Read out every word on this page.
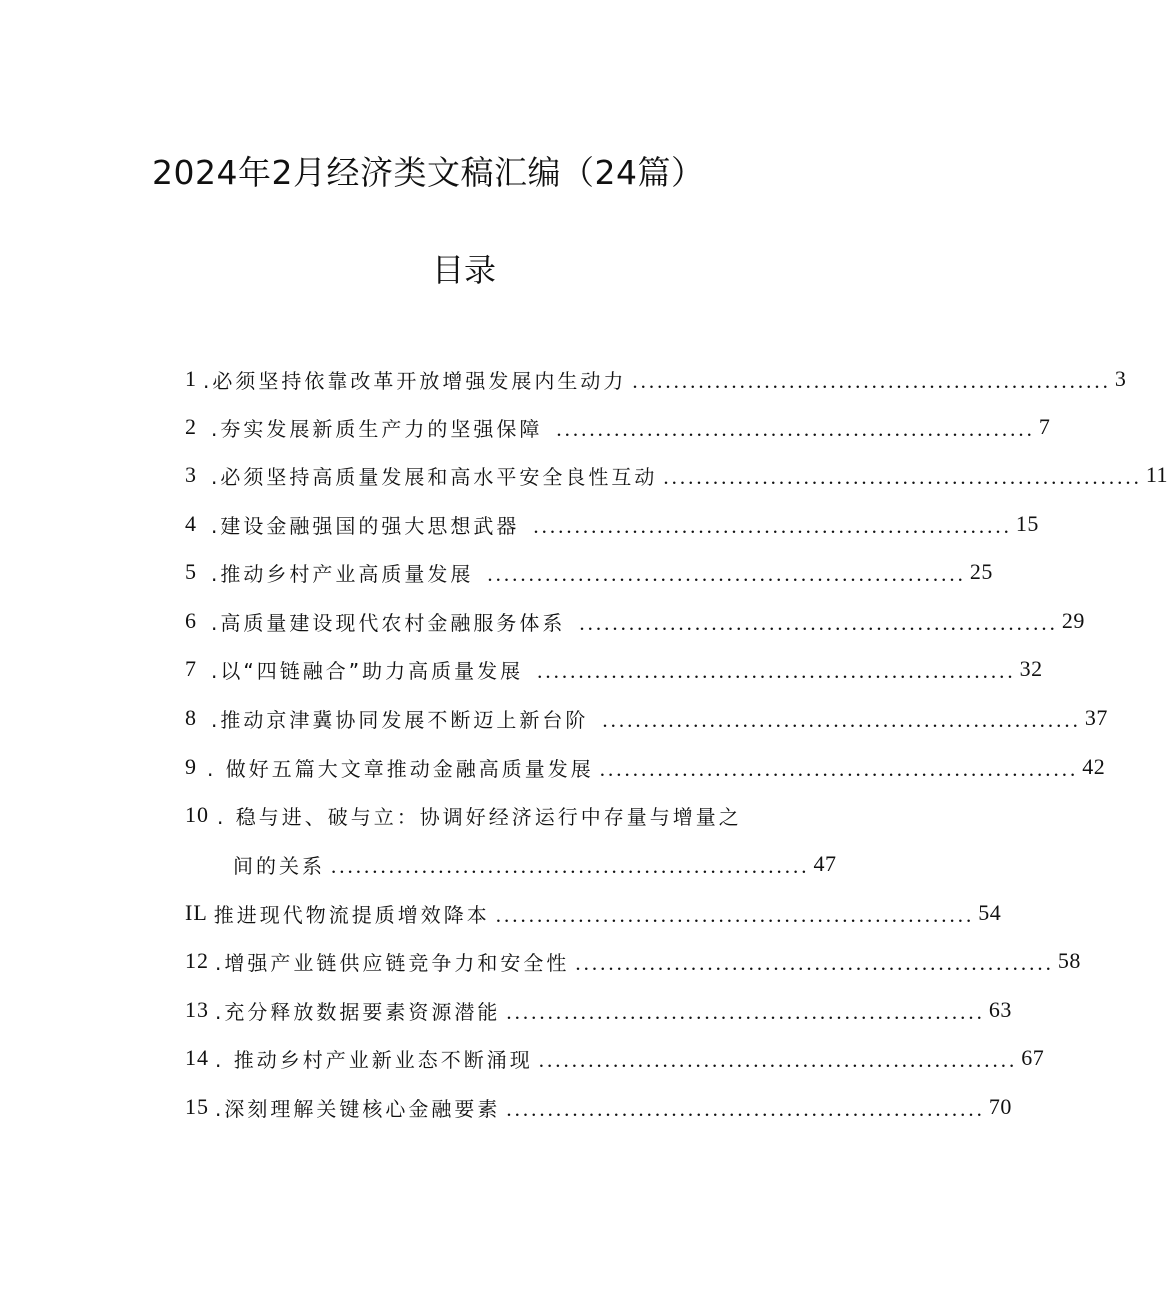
2024年2月经济类文稿汇编（24篇）
目录
1 .必须坚持依靠改革开放增强发展内生动力 .......................................................... 3
2 .夯实发展新质生产力的坚强保障 .......................................................... 7
3 .必须坚持高质量发展和高水平安全良性互动 .......................................................... 11
4 .建设金融强国的强大思想武器 .......................................................... 15
5 .推动乡村产业高质量发展 .......................................................... 25
6 .高质量建设现代农村金融服务体系 .......................................................... 29
7 .以“四链融合”助力高质量发展 .......................................................... 32
8 .推动京津冀协同发展不断迈上新台阶 .......................................................... 37
9 . 做好五篇大文章推动金融高质量发展 .......................................................... 42
10 . 稳与进、破与立：协调好经济运行中存量与增量之
间的关系 .......................................................... 47
IL 推进现代物流提质增效降本 .......................................................... 54
12 .增强产业链供应链竞争力和安全性 .......................................................... 58
13 .充分释放数据要素资源潜能 .......................................................... 63
14 . 推动乡村产业新业态不断涌现 .......................................................... 67
15 .深刻理解关键核心金融要素 .......................................................... 70
